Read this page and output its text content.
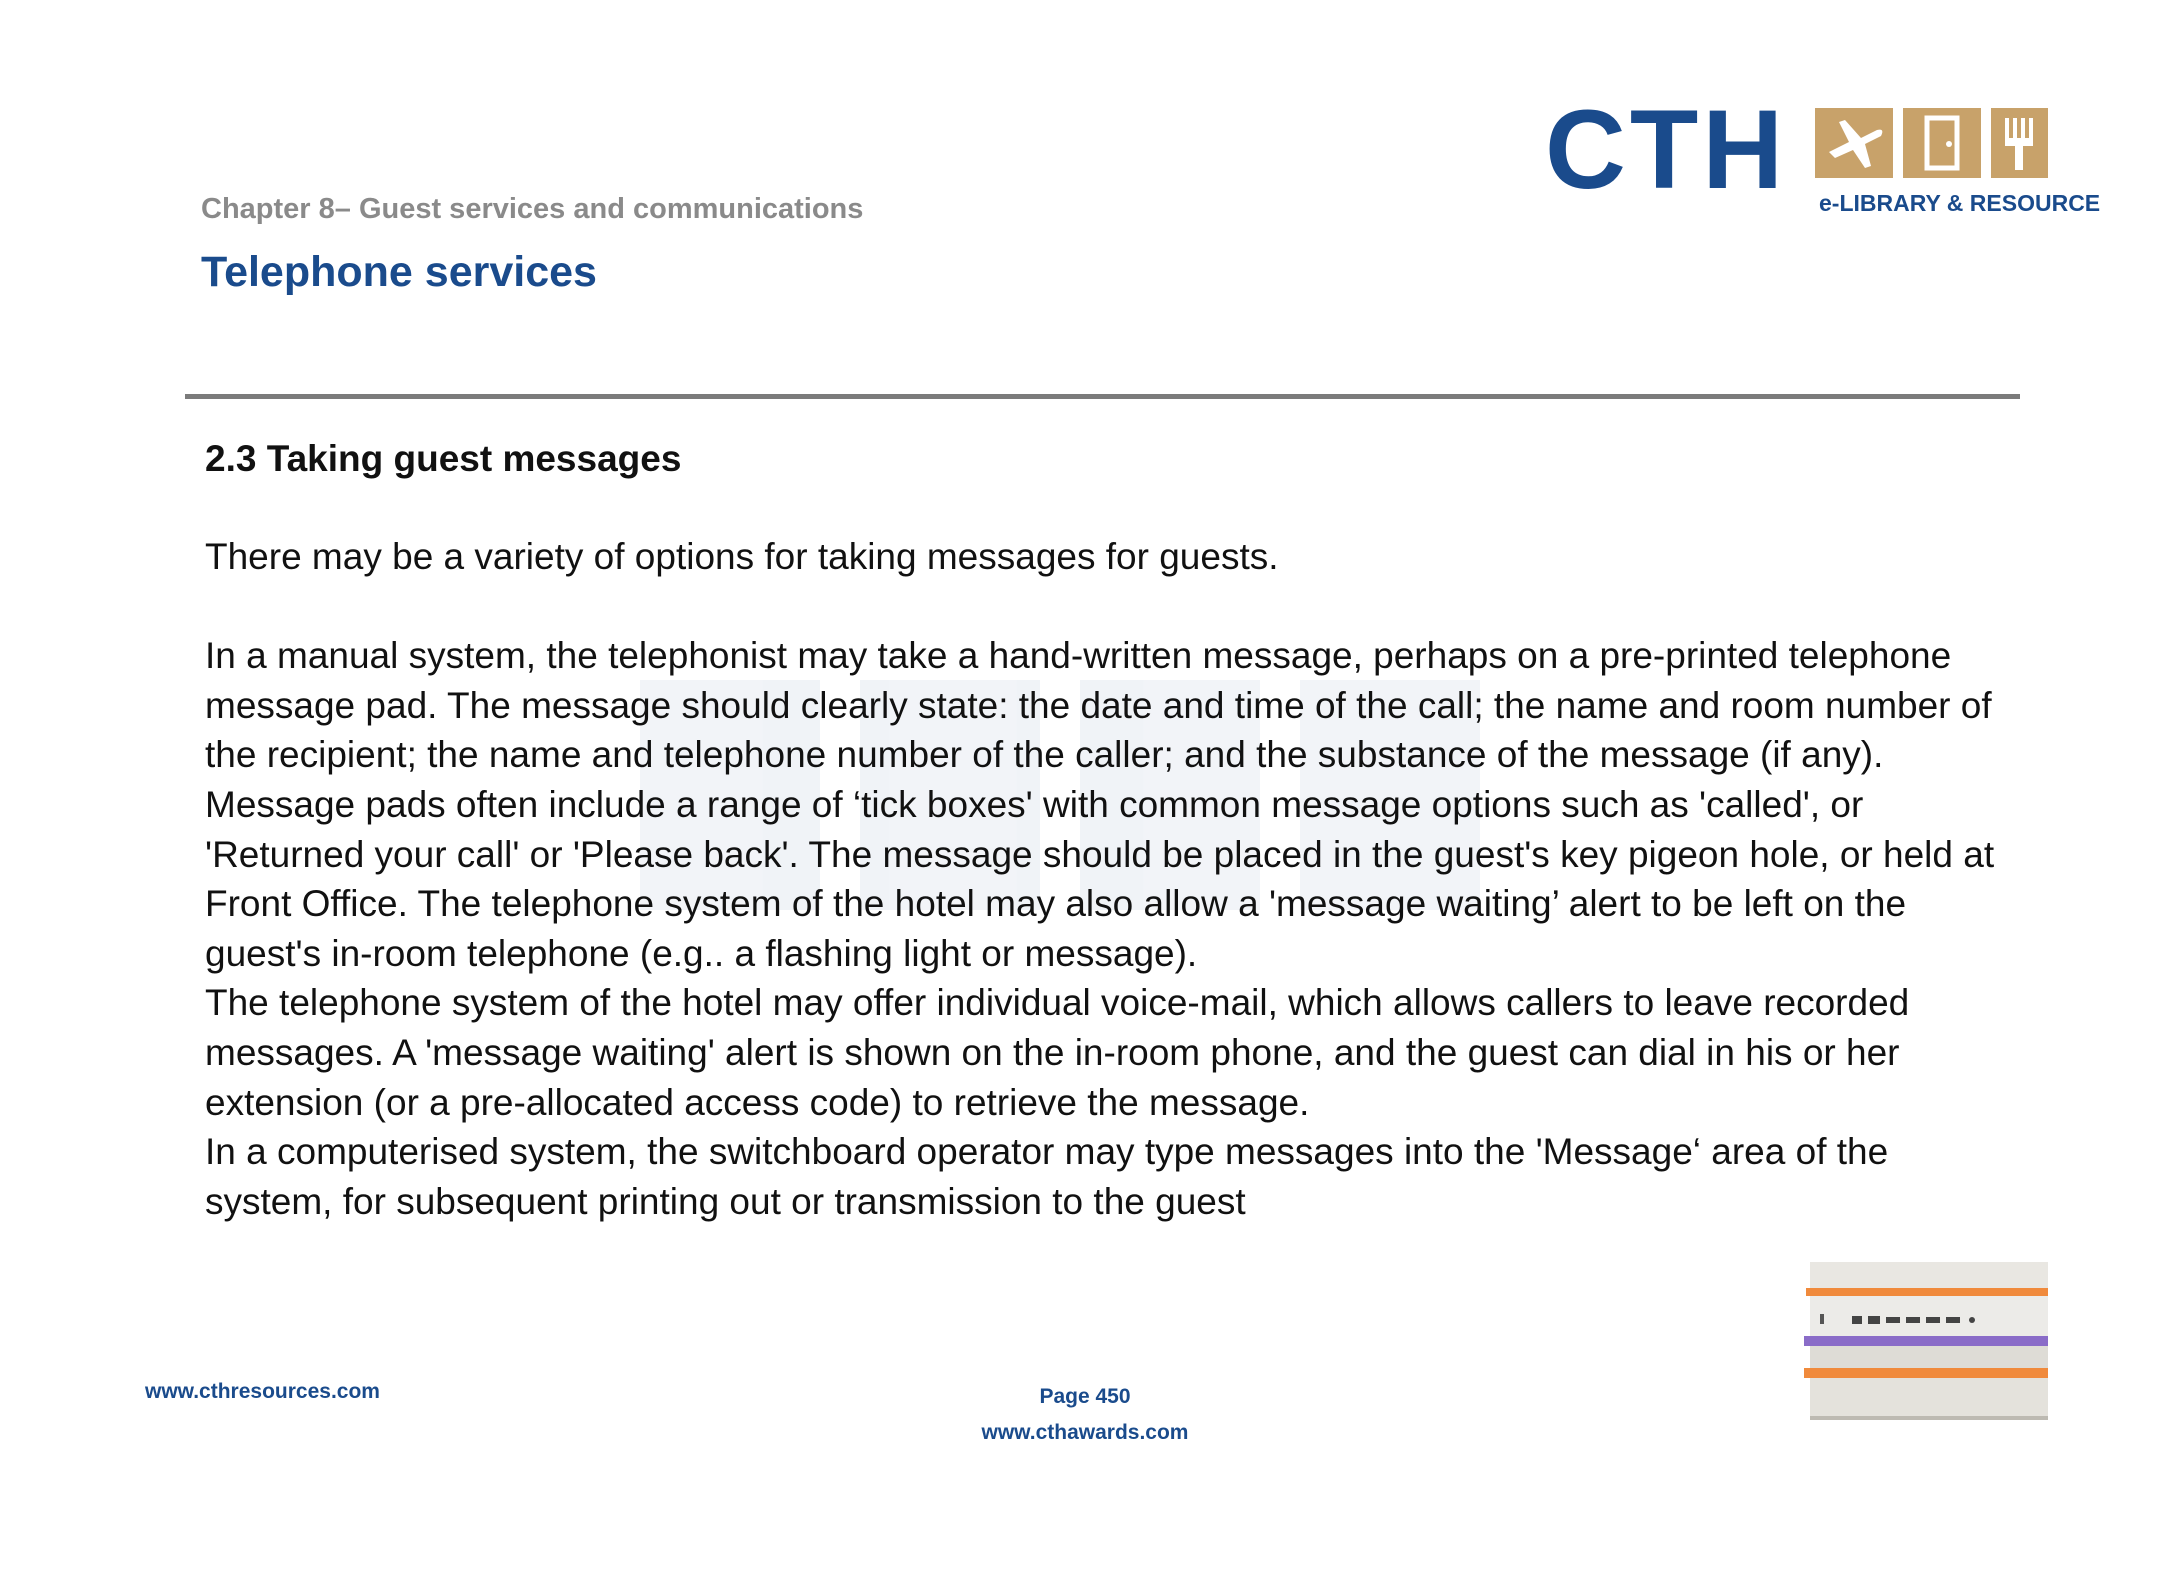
Chapter 8– Guest services and communications
Telephone services
CTH e-LIBRARY & RESOURCE
2.3 Taking guest messages

There may be a variety of options for taking messages for guests.

In a manual system, the telephonist may take a hand-written message, perhaps on a pre-printed telephone message pad. The message should clearly state: the date and time of the call; the name and room number of the recipient; the name and telephone number of the caller; and the substance of the message (if any). Message pads often include a range of ‘tick boxes' with common message options such as 'called', or 'Returned your call' or 'Please back'. The message should be placed in the guest's key pigeon hole, or held at Front Office. The telephone system of the hotel may also allow a 'message waiting’ alert to be left on the guest's in-room telephone (e.g.. a flashing light or message).

The telephone system of the hotel may offer individual voice-mail, which allows callers to leave recorded messages. A 'message waiting' alert is shown on the in-room phone, and the guest can dial in his or her extension (or a pre-allocated access code) to retrieve the message.

In a computerised system, the switchboard operator may type messages into the 'Message‘ area of the system, for subsequent printing out or transmission to the guest

www.cthresources.com	Page 450
www.cthawards.com
